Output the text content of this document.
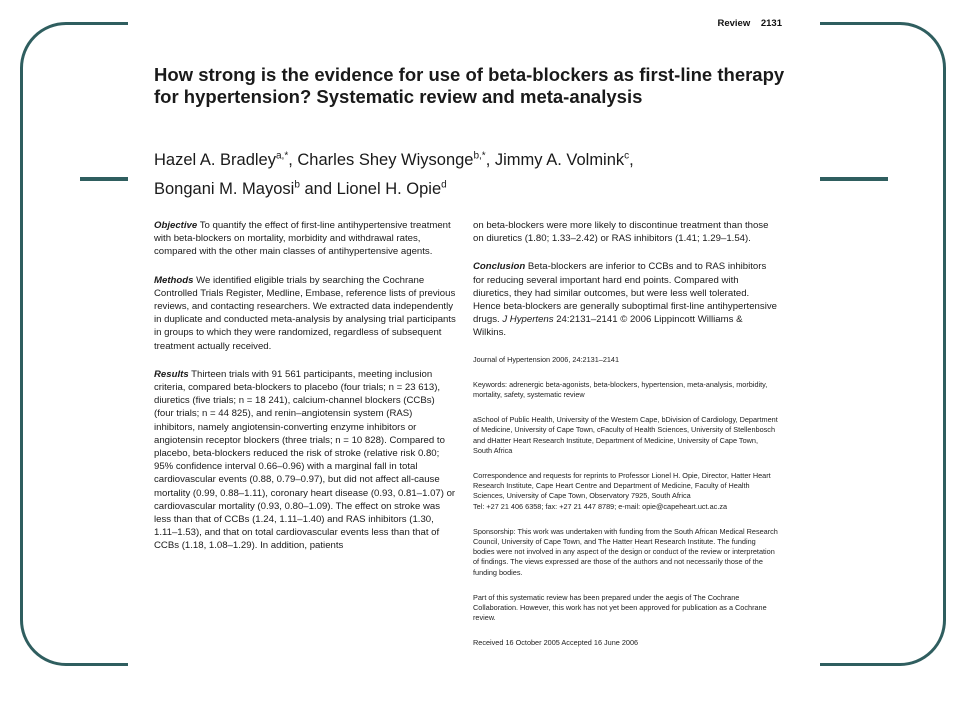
Review 2131
How strong is the evidence for use of beta-blockers as first-line therapy for hypertension? Systematic review and meta-analysis
Hazel A. Bradley$^{a,*}$, Charles Shey Wiysonge$^{b,*}$, Jimmy A. Volmink$^c$,
Bongani M. Mayosi$^b$ and Lionel H. Opie$^d$

Objective To quantify the effect of first-line antihypertensive treatment with beta-blockers on mortality, morbidity and withdrawal rates, compared with the other main classes of antihypertensive agents.

Methods We identified eligible trials by searching the Cochrane Controlled Trials Register, Medline, Embase, reference lists of previous reviews, and contacting researchers. We extracted data independently in duplicate and conducted meta-analysis by analysing trial participants in groups to which they were randomized, regardless of subsequent treatment actually received.

Results Thirteen trials with 91 561 participants, meeting inclusion criteria, compared beta-blockers to placebo (four trials; n = 23 613), diuretics (five trials; n = 18 241), calcium-channel blockers (CCBs) (four trials; n = 44 825), and renin–angiotensin system (RAS) inhibitors, namely angiotensin-converting enzyme inhibitors or angiotensin receptor blockers (three trials; n = 10 828). Compared to placebo, beta-blockers reduced the risk of stroke (relative risk 0.80; 95% confidence interval 0.66–0.96) with a marginal fall in total cardiovascular events (0.88, 0.79–0.97), but did not affect all-cause mortality (0.99, 0.88–1.11), coronary heart disease (0.93, 0.81–1.07) or cardiovascular mortality (0.93, 0.80–1.09). The effect on stroke was less than that of CCBs (1.24, 1.11–1.40) and RAS inhibitors (1.30, 1.11–1.53), and that on total cardiovascular events less than that of CCBs (1.18, 1.08–1.29). In addition, patients

on beta-blockers were more likely to discontinue treatment than those on diuretics (1.80; 1.33–2.42) or RAS inhibitors (1.41; 1.29–1.54).

Conclusion Beta-blockers are inferior to CCBs and to RAS inhibitors for reducing several important hard end points. Compared with diuretics, they had similar outcomes, but were less well tolerated. Hence beta-blockers are generally suboptimal first-line antihypertensive drugs. J Hypertens 24:2131–2141 © 2006 Lippincott Williams & Wilkins.

Journal of Hypertension 2006, 24:2131–2141

Keywords: adrenergic beta-agonists, beta-blockers, hypertension, meta-analysis, morbidity, mortality, safety, systematic review

aSchool of Public Health, University of the Western Cape, bDivision of Cardiology, Department of Medicine, University of Cape Town, cFaculty of Health Sciences, University of Stellenbosch and dHatter Heart Research Institute, Department of Medicine, University of Cape Town, South Africa

Correspondence and requests for reprints to Professor Lionel H. Opie, Director, Hatter Heart Research Institute, Cape Heart Centre and Department of Medicine, Faculty of Health Sciences, University of Cape Town, Observatory 7925, South Africa
Tel: +27 21 406 6358; fax: +27 21 447 8789; e-mail: opie@capeheart.uct.ac.za

Sponsorship: This work was undertaken with funding from the South African Medical Research Council, University of Cape Town, and The Hatter Heart Research Institute. The funding bodies were not involved in any aspect of the design or conduct of the review or interpretation of findings. The views expressed are those of the authors and not necessarily those of the funding bodies.

Part of this systematic review has been prepared under the aegis of The Cochrane Collaboration. However, this work has not yet been approved for publication as a Cochrane review.

Received 16 October 2005 Accepted 16 June 2006
